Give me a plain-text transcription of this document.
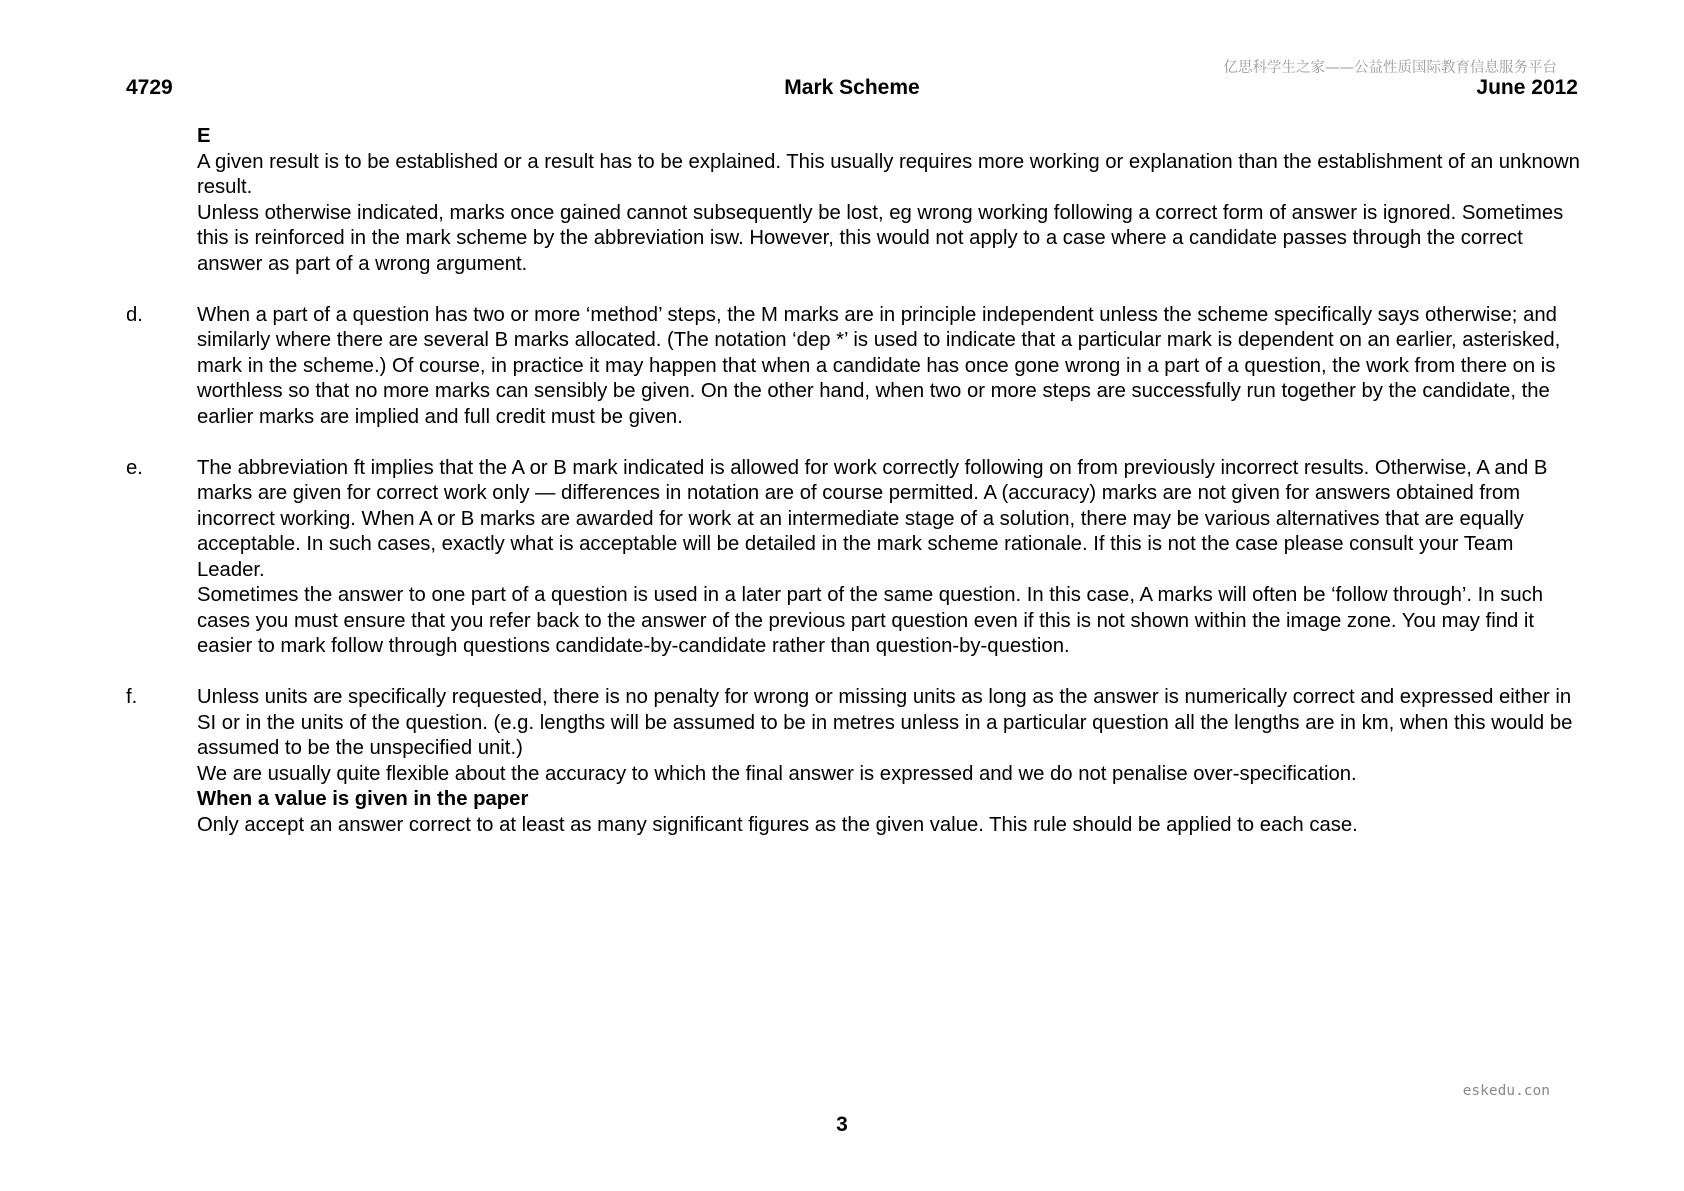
亿思科学生之家——公益性质国际教育信息服务平台
4729	Mark Scheme	June 2012

E

A given result is to be established or a result has to be explained. This usually requires more working or explanation than the establishment of an unknown result.

Unless otherwise indicated, marks once gained cannot subsequently be lost, eg wrong working following a correct form of answer is ignored. Sometimes this is reinforced in the mark scheme by the abbreviation isw. However, this would not apply to a case where a candidate passes through the correct answer as part of a wrong argument.

d.	When a part of a question has two or more ‘method’ steps, the M marks are in principle independent unless the scheme specifically says otherwise; and similarly where there are several B marks allocated. (The notation ‘dep *’ is used to indicate that a particular mark is dependent on an earlier, asterisked, mark in the scheme.) Of course, in practice it may happen that when a candidate has once gone wrong in a part of a question, the work from there on is worthless so that no more marks can sensibly be given. On the other hand, when two or more steps are successfully run together by the candidate, the earlier marks are implied and full credit must be given.

e.	The abbreviation ft implies that the A or B mark indicated is allowed for work correctly following on from previously incorrect results. Otherwise, A and B marks are given for correct work only — differences in notation are of course permitted. A (accuracy) marks are not given for answers obtained from incorrect working. When A or B marks are awarded for work at an intermediate stage of a solution, there may be various alternatives that are equally acceptable. In such cases, exactly what is acceptable will be detailed in the mark scheme rationale. If this is not the case please consult your Team Leader.

Sometimes the answer to one part of a question is used in a later part of the same question. In this case, A marks will often be ‘follow through’. In such cases you must ensure that you refer back to the answer of the previous part question even if this is not shown within the image zone. You may find it easier to mark follow through questions candidate-by-candidate rather than question-by-question.

f.	Unless units are specifically requested, there is no penalty for wrong or missing units as long as the answer is numerically correct and expressed either in SI or in the units of the question. (e.g. lengths will be assumed to be in metres unless in a particular question all the lengths are in km, when this would be assumed to be the unspecified unit.)

We are usually quite flexible about the accuracy to which the final answer is expressed and we do not penalise over-specification.

When a value is given in the paper

Only accept an answer correct to at least as many significant figures as the given value. This rule should be applied to each case.

eskedu.con
3
